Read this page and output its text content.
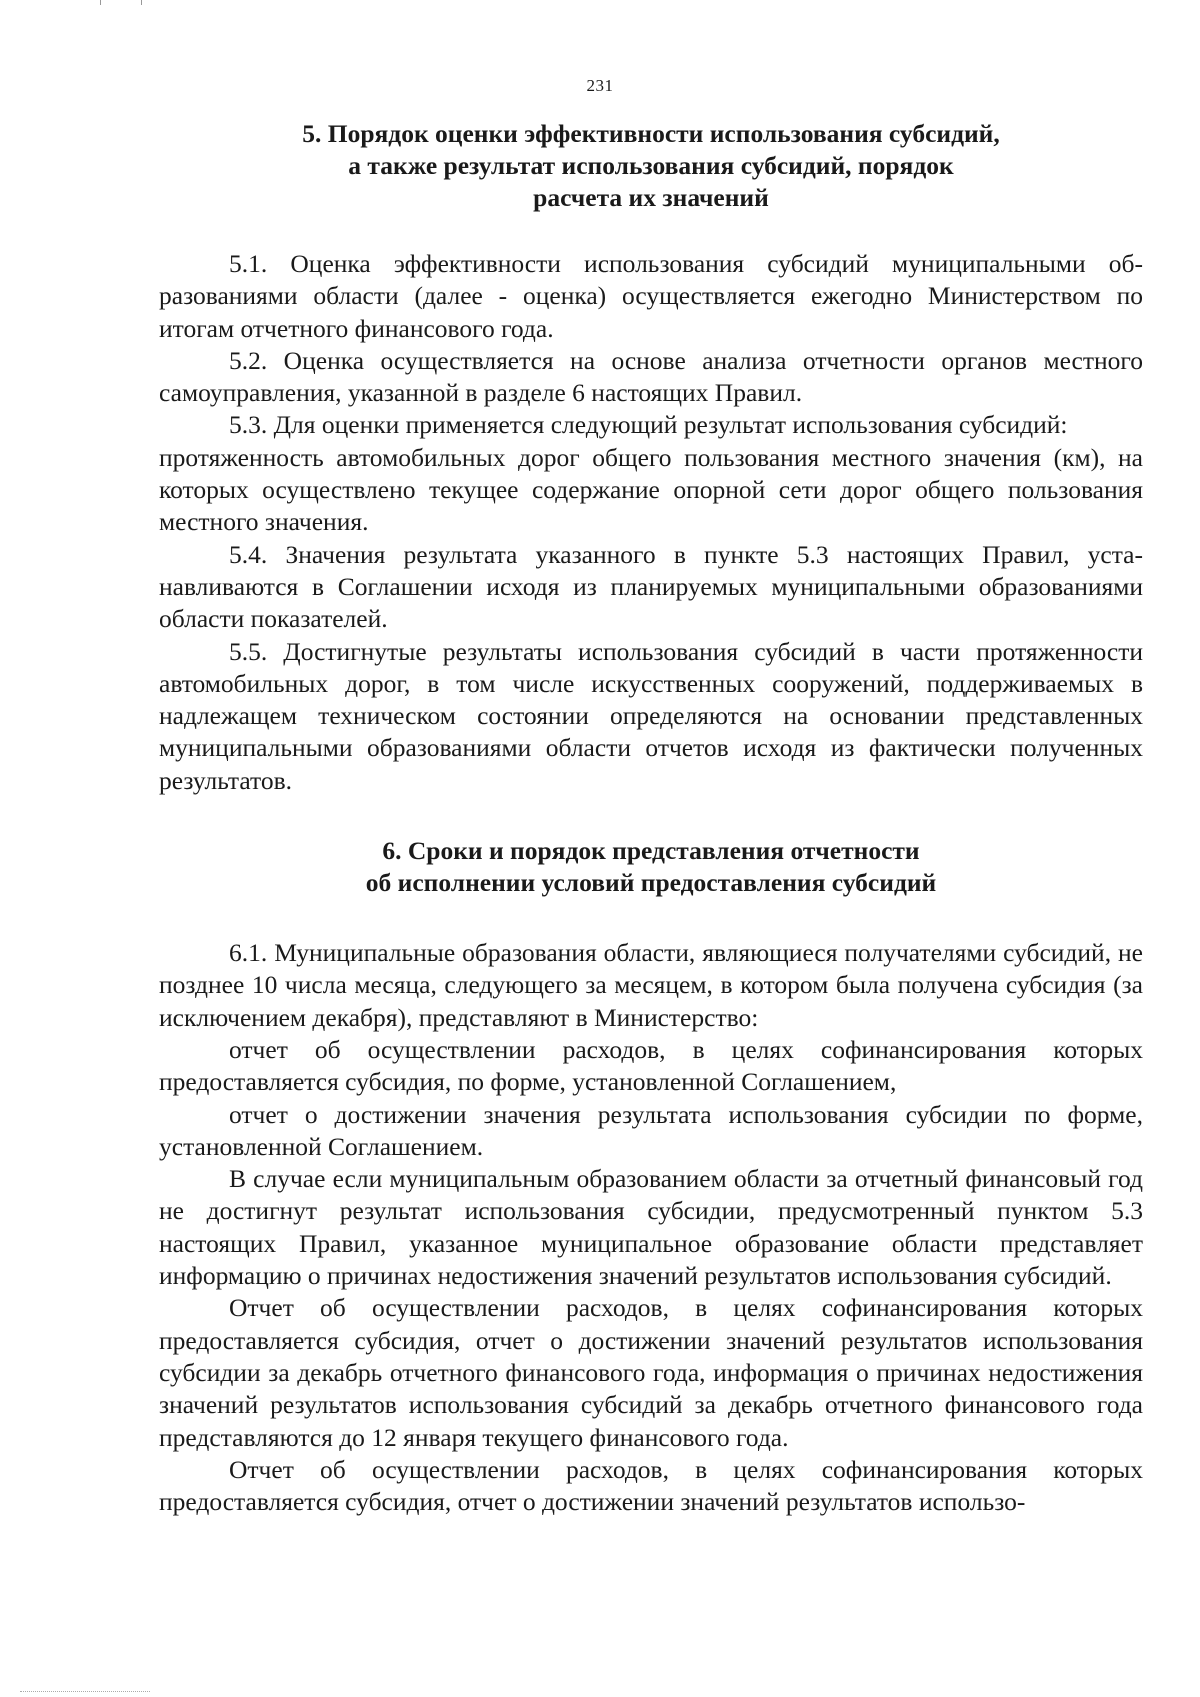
231
5. Порядок оценки эффективности использования субсидий,
а также результат использования субсидий, порядок
расчета их значений

5.1. Оценка эффективности использования субсидий муниципальными образованиями области (далее - оценка) осуществляется ежегодно Министерством по итогам отчетного финансового года.

5.2. Оценка осуществляется на основе анализа отчетности органов местного самоуправления, указанной в разделе 6 настоящих Правил.

5.3. Для оценки применяется следующий результат использования субсидий:

протяженность автомобильных дорог общего пользования местного значения (км), на которых осуществлено текущее содержание опорной сети дорог общего пользования местного значения.

5.4. Значения результата указанного в пункте 5.3 настоящих Правил, устанавливаются в Соглашении исходя из планируемых муниципальными образованиями области показателей.

5.5. Достигнутые результаты использования субсидий в части протяженности автомобильных дорог, в том числе искусственных сооружений, поддерживаемых в надлежащем техническом состоянии определяются на основании представленных муниципальными образованиями области отчетов исходя из фактически полученных результатов.

6. Сроки и порядок представления отчетности
об исполнении условий предоставления субсидий

6.1. Муниципальные образования области, являющиеся получателями субсидий, не позднее 10 числа месяца, следующего за месяцем, в котором была получена субсидия (за исключением декабря), представляют в Министерство:

отчет об осуществлении расходов, в целях софинансирования которых предоставляется субсидия, по форме, установленной Соглашением,

отчет о достижении значения результата использования субсидии по форме, установленной Соглашением.

В случае если муниципальным образованием области за отчетный финансовый год не достигнут результат использования субсидии, предусмотренный пунктом 5.3 настоящих Правил, указанное муниципальное образование области представляет информацию о причинах недостижения значений результатов использования субсидий.

Отчет об осуществлении расходов, в целях софинансирования которых предоставляется субсидия, отчет о достижении значений результатов использования субсидии за декабрь отчетного финансового года, информация о причинах недостижения значений результатов использования субсидий за декабрь отчетного финансового года представляются до 12 января текущего финансового года.

Отчет об осуществлении расходов, в целях софинансирования которых предоставляется субсидия, отчет о достижении значений результатов использо-
